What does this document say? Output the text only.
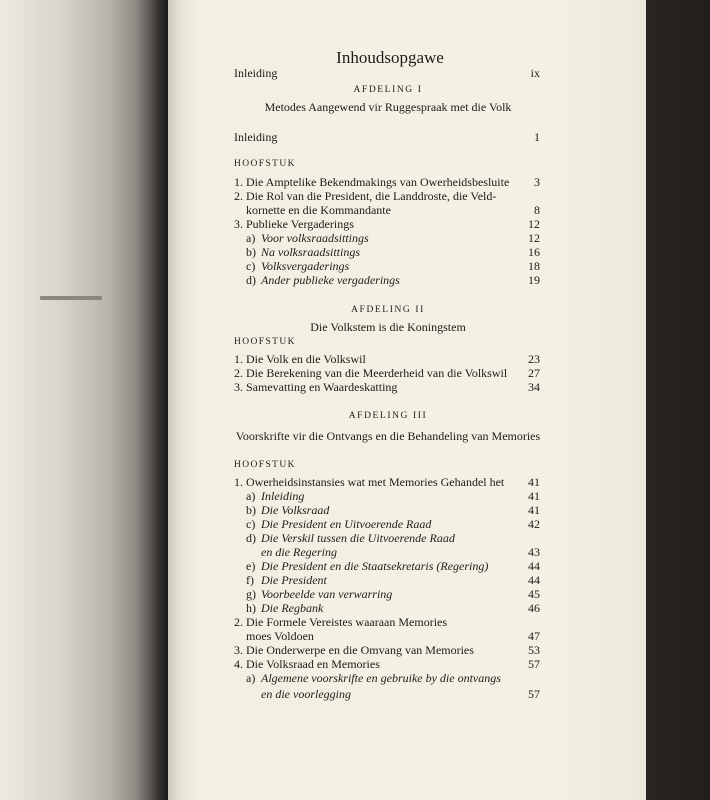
Inhoudsopgawe
Inleiding	ix
AFDELING I
Metodes Aangewend vir Ruggespraak met die Volk
Inleiding	1
HOOFSTUK
1. Die Amptelike Bekendmakings van Owerheidsbesluite	3
2. Die Rol van die President, die Landdroste, die Veld-
kornette en die Kommandante	8
3. Publieke Vergaderings	12
a) Voor volksraadsittings	12
b) Na volksraadsittings	16
c) Volksvergaderings	18
d) Ander publieke vergaderings	19
AFDELING II
Die Volkstem is die Koningstem
HOOFSTUK
1. Die Volk en die Volkswil	23
2. Die Berekening van die Meerderheid van die Volkswil	27
3. Samevatting en Waardeskatting	34
AFDELING III
Voorskrifte vir die Ontvangs en die Behandeling van Memories
HOOFSTUK
1. Owerheidsinstansies wat met Memories Gehandel het	41
a) Inleiding	41
b) Die Volksraad	41
c) Die President en Uitvoerende Raad	42
d) Die Verskil tussen die Uitvoerende Raad
en die Regering	43
e) Die President en die Staatsekretaris (Regering)	44
f) Die President	44
g) Voorbeelde van verwarring	45
h) Die Regbank	46
2. Die Formele Vereistes waaraan Memories
moes Voldoen	47
3. Die Onderwerpe en die Omvang van Memories	53
4. Die Volksraad en Memories	57
a) Algemene voorskrifte en gebruike by die ontvangs
en die voorlegging	57
